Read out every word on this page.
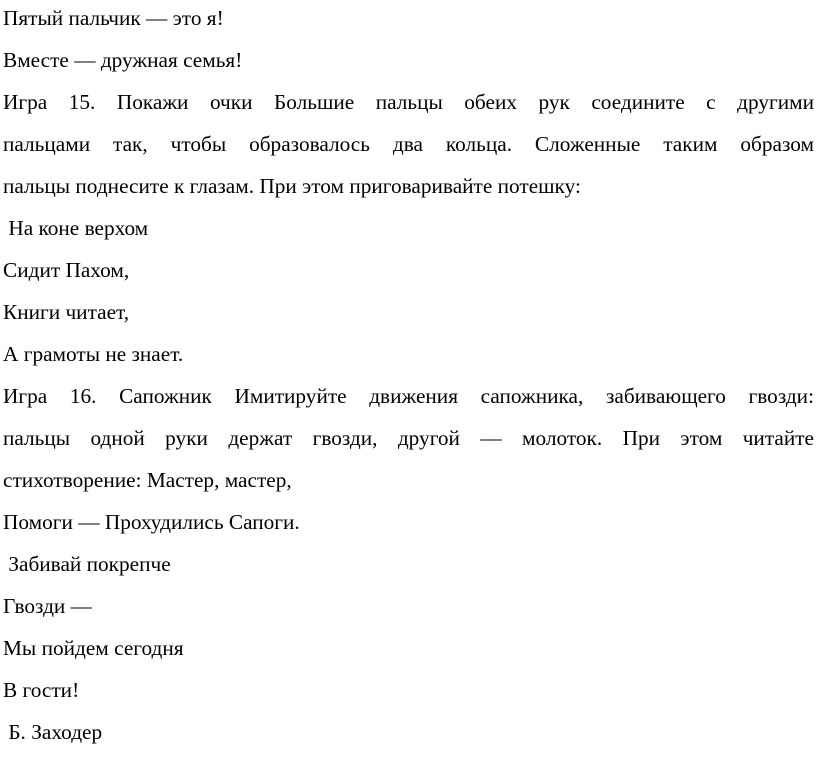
Пятый пальчик — это я!

Вместе — дружная семья!

Игра 15. Покажи очки Большие пальцы обеих рук соедините с другими
пальцами так, чтобы образовалось два кольца. Сложенные таким образом
пальцы поднесите к глазам. При этом приговаривайте потешку:

На коне верхом

Сидит Пахом,

Книги читает,

А грамоты не знает.

Игра 16. Сапожник Имитируйте движения сапожника, забивающего гвозди:
пальцы одной руки держат гвозди, другой — молоток. При этом читайте
стихотворение: Мастер, мастер,

Помоги — Прохудились Сапоги.

Забивай покрепче

Гвозди —

Мы пойдем сегодня

В гости!

Б. Заходер
